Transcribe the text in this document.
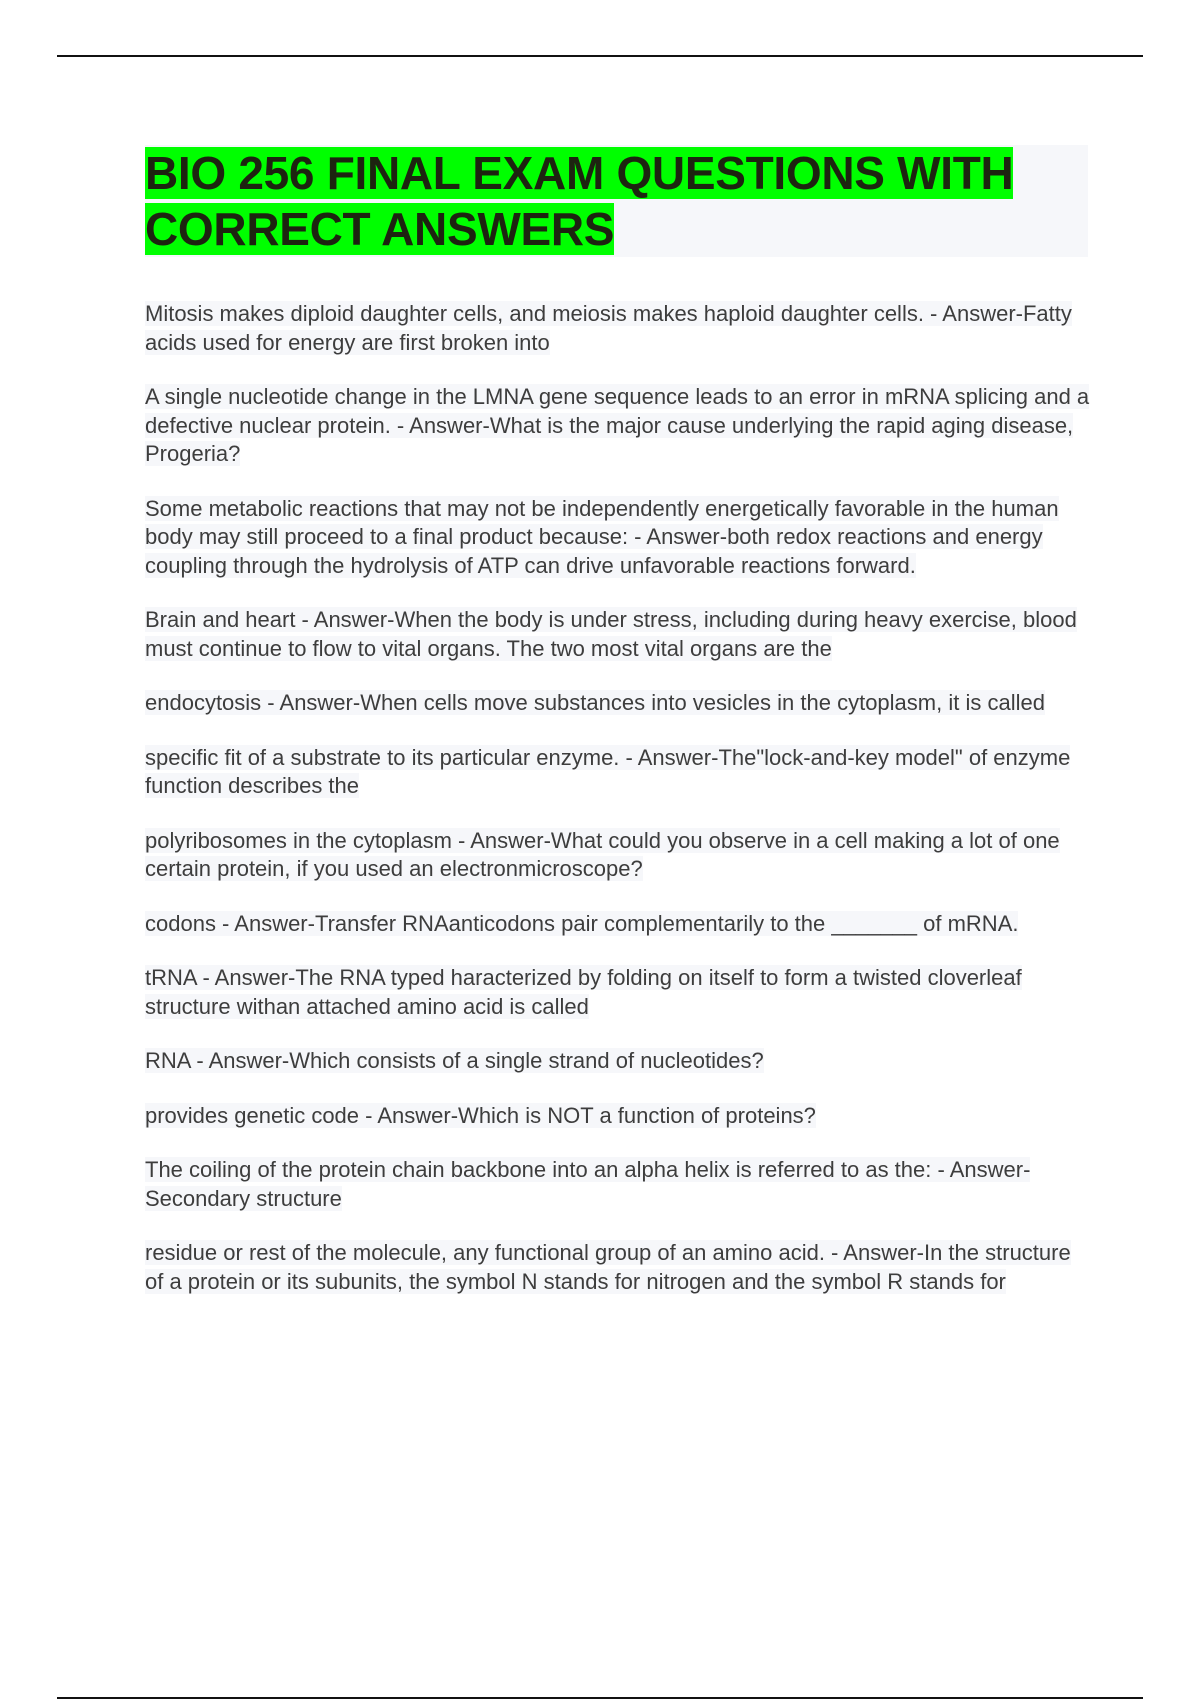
BIO 256 FINAL EXAM QUESTIONS WITH CORRECT ANSWERS

Mitosis makes diploid daughter cells, and meiosis makes haploid daughter cells. - Answer-Fatty acids used for energy are first broken into

A single nucleotide change in the LMNA gene sequence leads to an error in mRNA splicing and a defective nuclear protein. - Answer-What is the major cause underlying the rapid aging disease, Progeria?

Some metabolic reactions that may not be independently energetically favorable in the human body may still proceed to a final product because: - Answer-both redox reactions and energy coupling through the hydrolysis of ATP can drive unfavorable reactions forward.

Brain and heart - Answer-When the body is under stress, including during heavy exercise, blood must continue to flow to vital organs. The two most vital organs are the

endocytosis - Answer-When cells move substances into vesicles in the cytoplasm, it is called

specific fit of a substrate to its particular enzyme. - Answer-The"lock-and-key model" of enzyme function describes the

polyribosomes in the cytoplasm - Answer-What could you observe in a cell making a lot of one certain protein, if you used an electronmicroscope?

codons - Answer-Transfer RNAanticodons pair complementarily to the _______ of mRNA.

tRNA - Answer-The RNA typed haracterized by folding on itself to form a twisted cloverleaf structure withan attached amino acid is called

RNA - Answer-Which consists of a single strand of nucleotides?

provides genetic code - Answer-Which is NOT a function of proteins?

The coiling of the protein chain backbone into an alpha helix is referred to as the: - Answer-Secondary structure

residue or rest of the molecule, any functional group of an amino acid. - Answer-In the structure of a protein or its subunits, the symbol N stands for nitrogen and the symbol R stands for
